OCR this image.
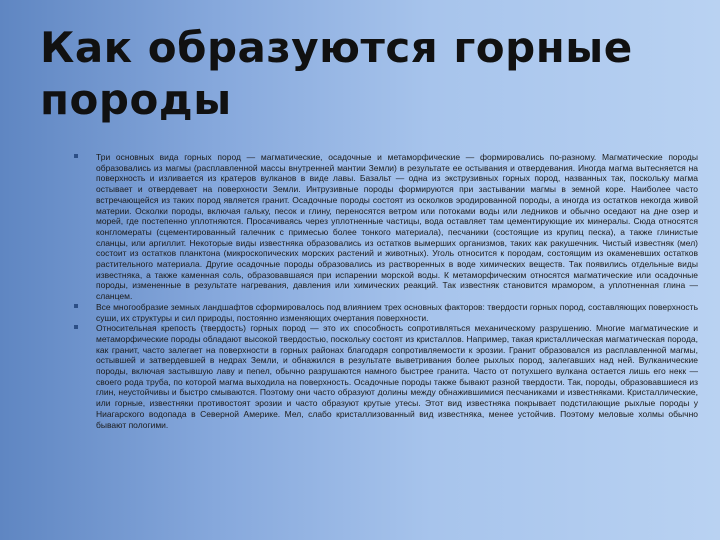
Как образуются горные
породы

Три основных вида горных пород — магматические, осадочные и метаморфические — формировались по-разному. Магматические породы образовались из магмы (расплавленной массы внутренней мантии Земли) в результате ее остывания и отвердевания. Иногда магма вытесняется на поверхность и изливается из кратеров вулканов в виде лавы. Базальт — одна из экструзивных горных пород, названных так, поскольку магма остывает и отвердевает на поверхности Земли. Интрузивные породы формируются при застывании магмы в земной коре. Наиболее часто встречающейся из таких пород является гранит. Осадочные породы состоят из осколков эродированной породы, а иногда из остатков некогда живой материи. Осколки породы, включая гальку, песок и глину, переносятся ветром или потоками воды или ледников и обычно оседают на дне озер и морей, где постепенно уплотняются. Просачиваясь через уплотненные частицы, вода оставляет там цементирующие их минералы. Сюда относятся конгломераты (сцементированный галечник с примесью более тонкого материала), песчаники (состоящие из крупиц песка), а также глинистые сланцы, или аргиллит. Некоторые виды известняка образовались из остатков вымерших организмов, таких как ракушечник. Чистый известняк (мел) состоит из остатков планктона (микроскопических морских растений и животных). Уголь относится к породам, состоящим из окаменевших остатков растительного материала. Другие осадочные породы образовались из растворенных в воде химических веществ. Так появились отдельные виды известняка, а также каменная соль, образовавшаяся при испарении морской воды. К метаморфическим относятся магматические или осадочные породы, измененные в результате нагревания, давления или химических реакций. Так известняк становится мрамором, а уплотненная глина — сланцем.

Все многообразие земных ландшафтов сформировалось под влиянием трех основных факторов: твердости горных пород, составляющих поверхность суши, их структуры и сил природы, постоянно изменяющих очертания поверхности.

Относительная крепость (твердость) горных пород — это их способность сопротивляться механическому разрушению. Многие магматические и метаморфические породы обладают высокой твердостью, поскольку состоят из кристаллов. Например, такая кристаллическая магматическая порода, как гранит, часто залегает на поверхности в горных районах благодаря сопротивляемости к эрозии. Гранит образовался из расплавленной магмы, остывшей и затвердевшей в недрах Земли, и обнажился в результате выветривания более рыхлых пород, залегавших над ней. Вулканические породы, включая застывшую лаву и пепел, обычно разрушаются намного быстрее гранита. Часто от потухшего вулкана остается лишь его некк — своего рода труба, по которой магма выходила на поверхность. Осадочные породы также бывают разной твердости. Так, породы, образовавшиеся из глин, неустойчивы и быстро смываются. Поэтому они часто образуют долины между обнажившимися песчаниками и известняками. Кристаллические, или горные, известняки противостоят эрозии и часто образуют крутые утесы. Этот вид известняка покрывает подстилающие рыхлые породы у Ниагарского водопада в Северной Америке. Мел, слабо кристаллизованный вид известняка, менее устойчив. Поэтому меловые холмы обычно бывают пологими.
